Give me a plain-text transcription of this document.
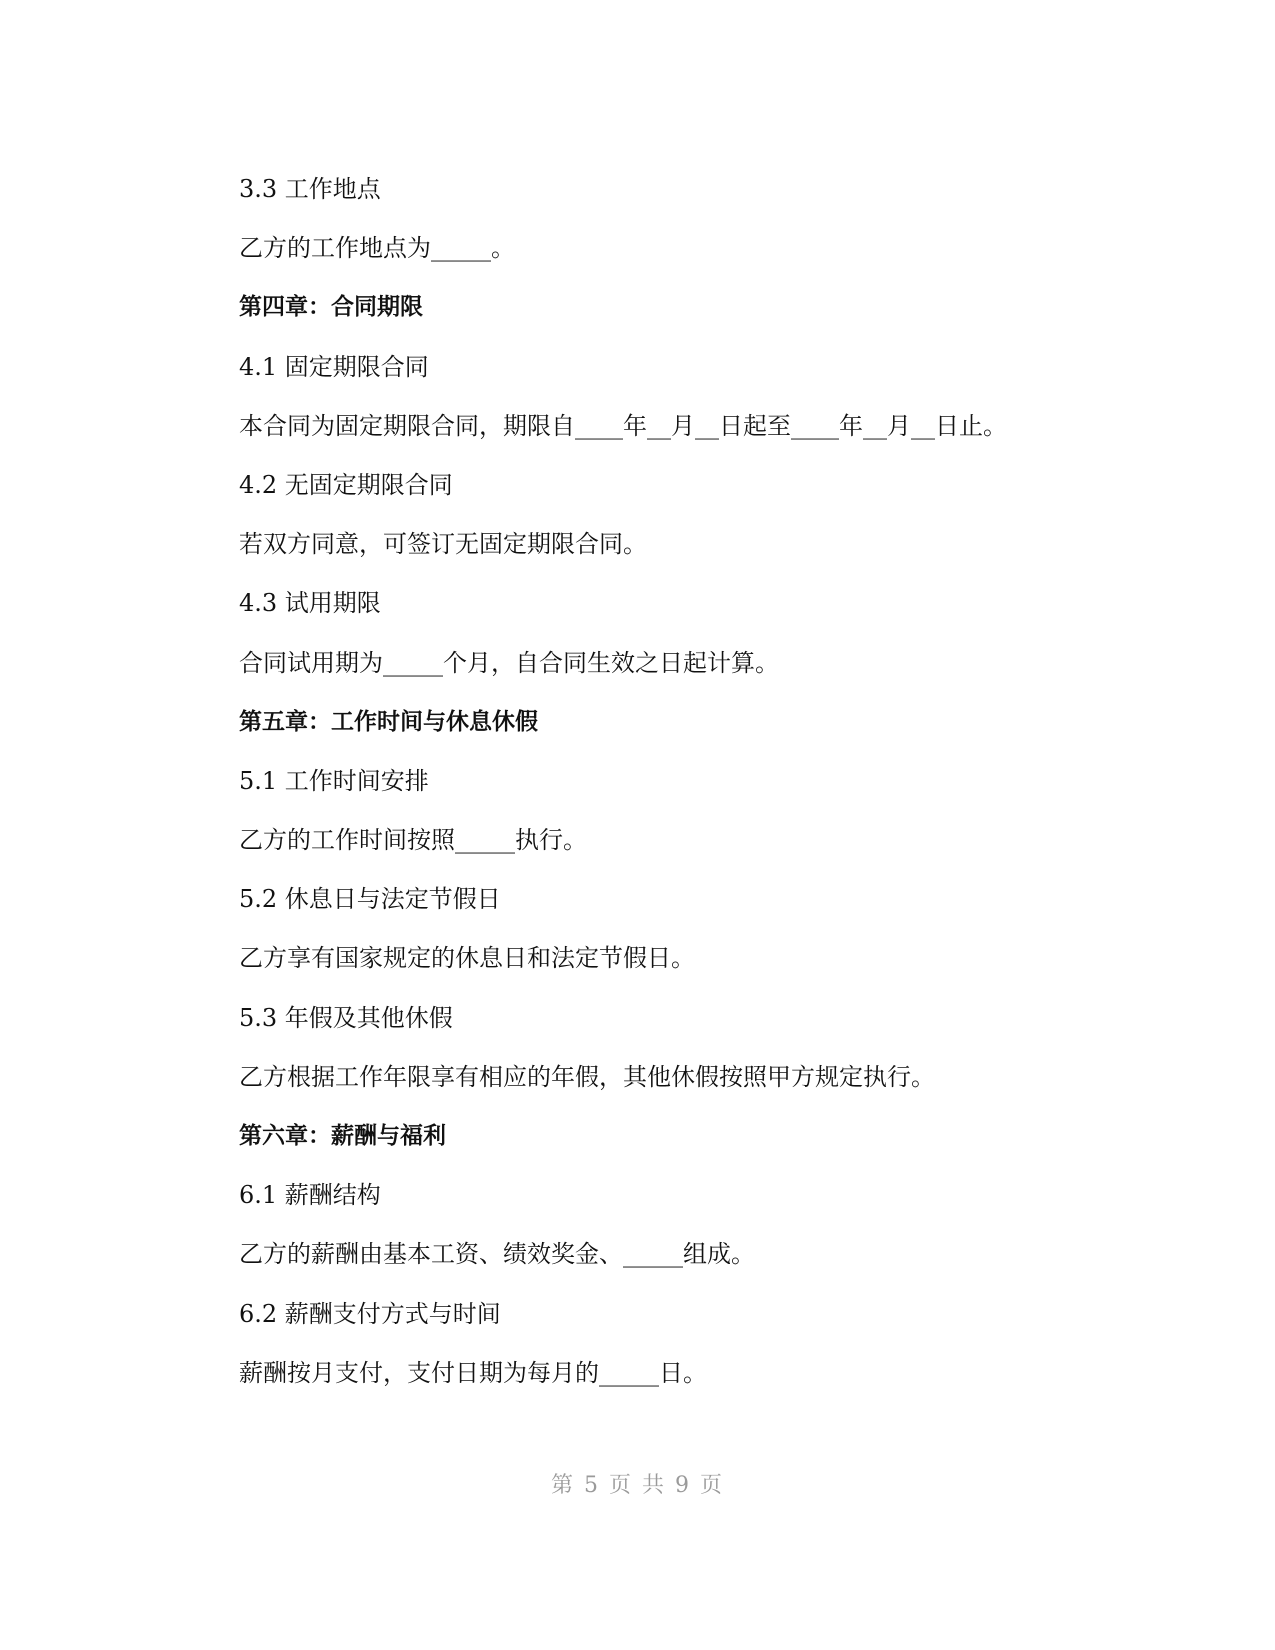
3.3 工作地点
乙方的工作地点为_____。
第四章：合同期限
4.1 固定期限合同
本合同为固定期限合同，期限自____年__月__日起至____年__月__日止。
4.2 无固定期限合同
若双方同意，可签订无固定期限合同。
4.3 试用期限
合同试用期为_____个月，自合同生效之日起计算。
第五章：工作时间与休息休假
5.1 工作时间安排
乙方的工作时间按照_____执行。
5.2 休息日与法定节假日
乙方享有国家规定的休息日和法定节假日。
5.3 年假及其他休假
乙方根据工作年限享有相应的年假，其他休假按照甲方规定执行。
第六章：薪酬与福利
6.1 薪酬结构
乙方的薪酬由基本工资、绩效奖金、_____组成。
6.2 薪酬支付方式与时间
薪酬按月支付，支付日期为每月的_____日。
第 5 页 共 9 页
